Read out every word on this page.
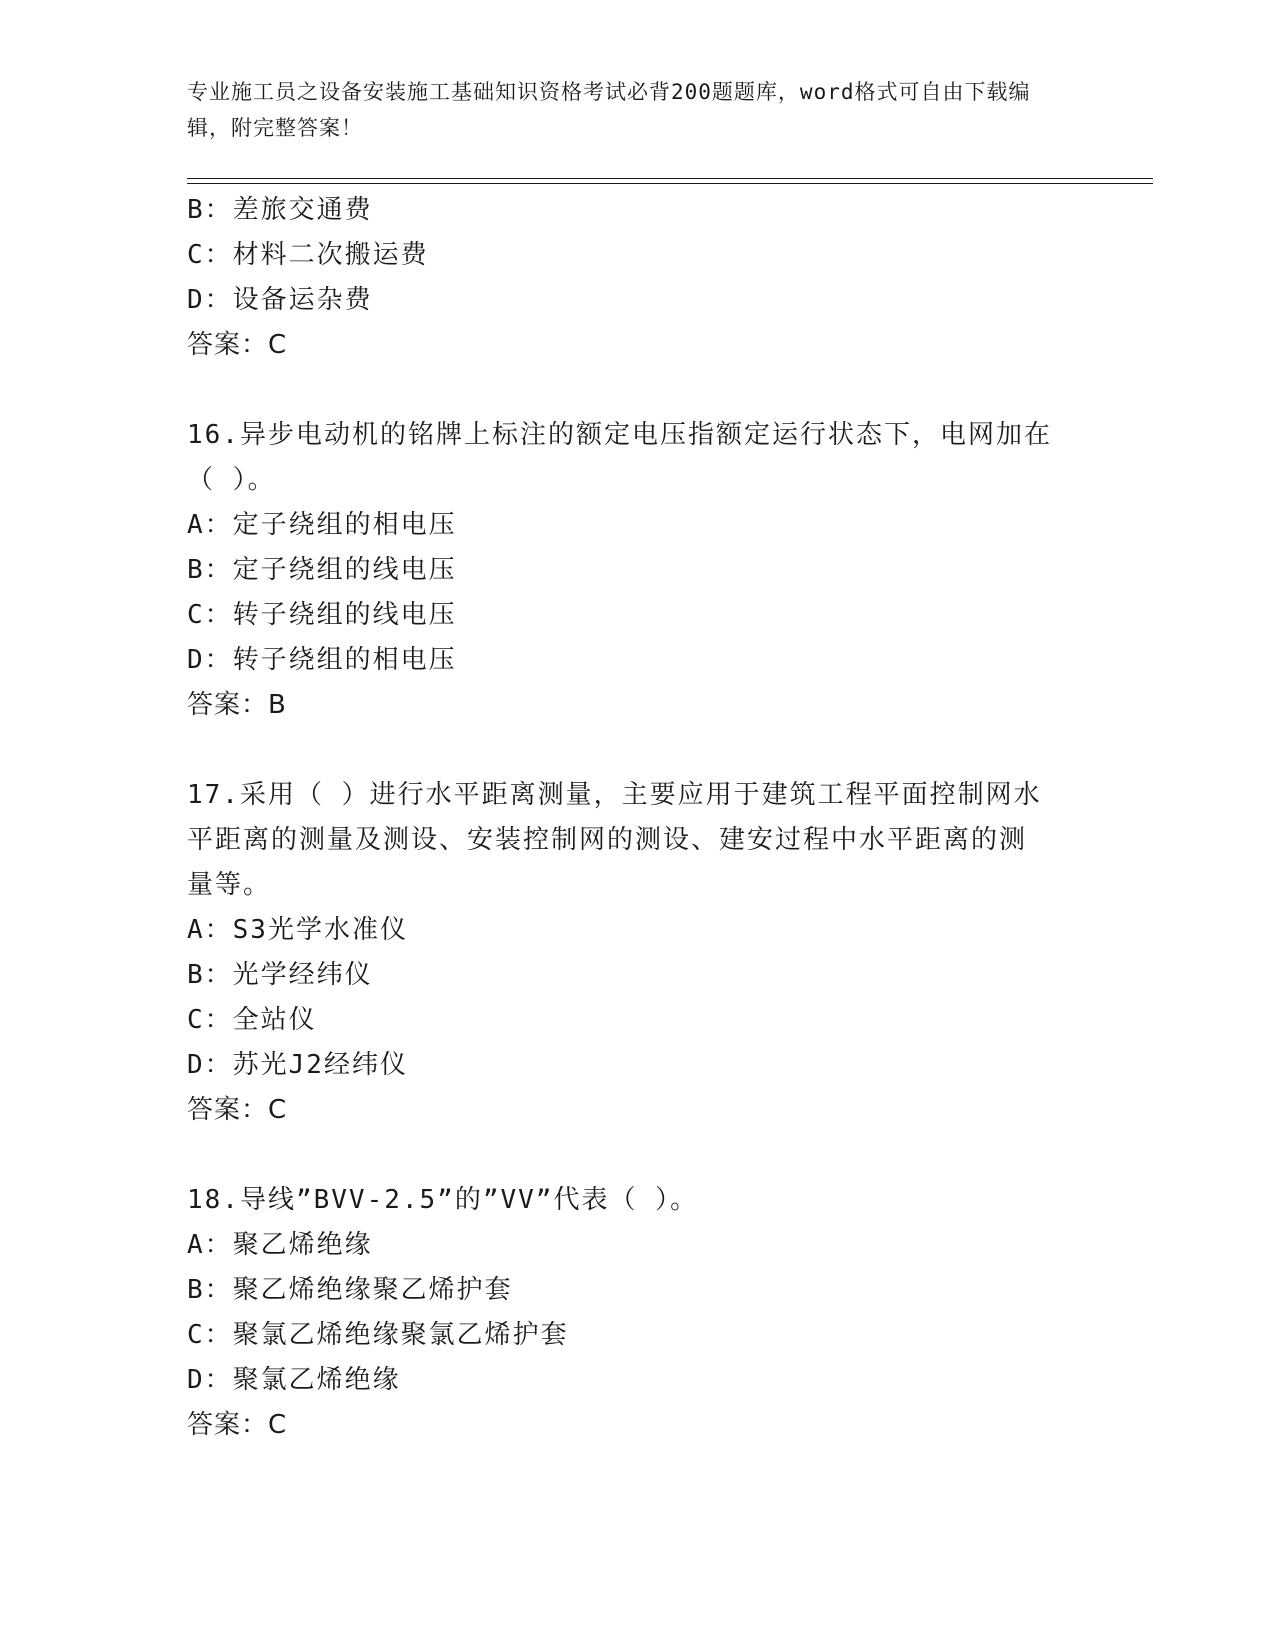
专业施工员之设备安装施工基础知识资格考试必背200题题库，word格式可自由下载编辑，附完整答案！
B：差旅交通费
C：材料二次搬运费
D：设备运杂费
答案：C
16.异步电动机的铭牌上标注的额定电压指额定运行状态下，电网加在
（ ）。
A：定子绕组的相电压
B：定子绕组的线电压
C：转子绕组的线电压
D：转子绕组的相电压
答案：B
17.采用（ ）进行水平距离测量，主要应用于建筑工程平面控制网水
平距离的测量及测设、安装控制网的测设、建安过程中水平距离的测
量等。
A：S3光学水准仪
B：光学经纬仪
C：全站仪
D：苏光J2经纬仪
答案：C
18.导线”BVV-2.5”的”VV”代表（ ）。
A：聚乙烯绝缘
B：聚乙烯绝缘聚乙烯护套
C：聚氯乙烯绝缘聚氯乙烯护套
D：聚氯乙烯绝缘
答案：C
